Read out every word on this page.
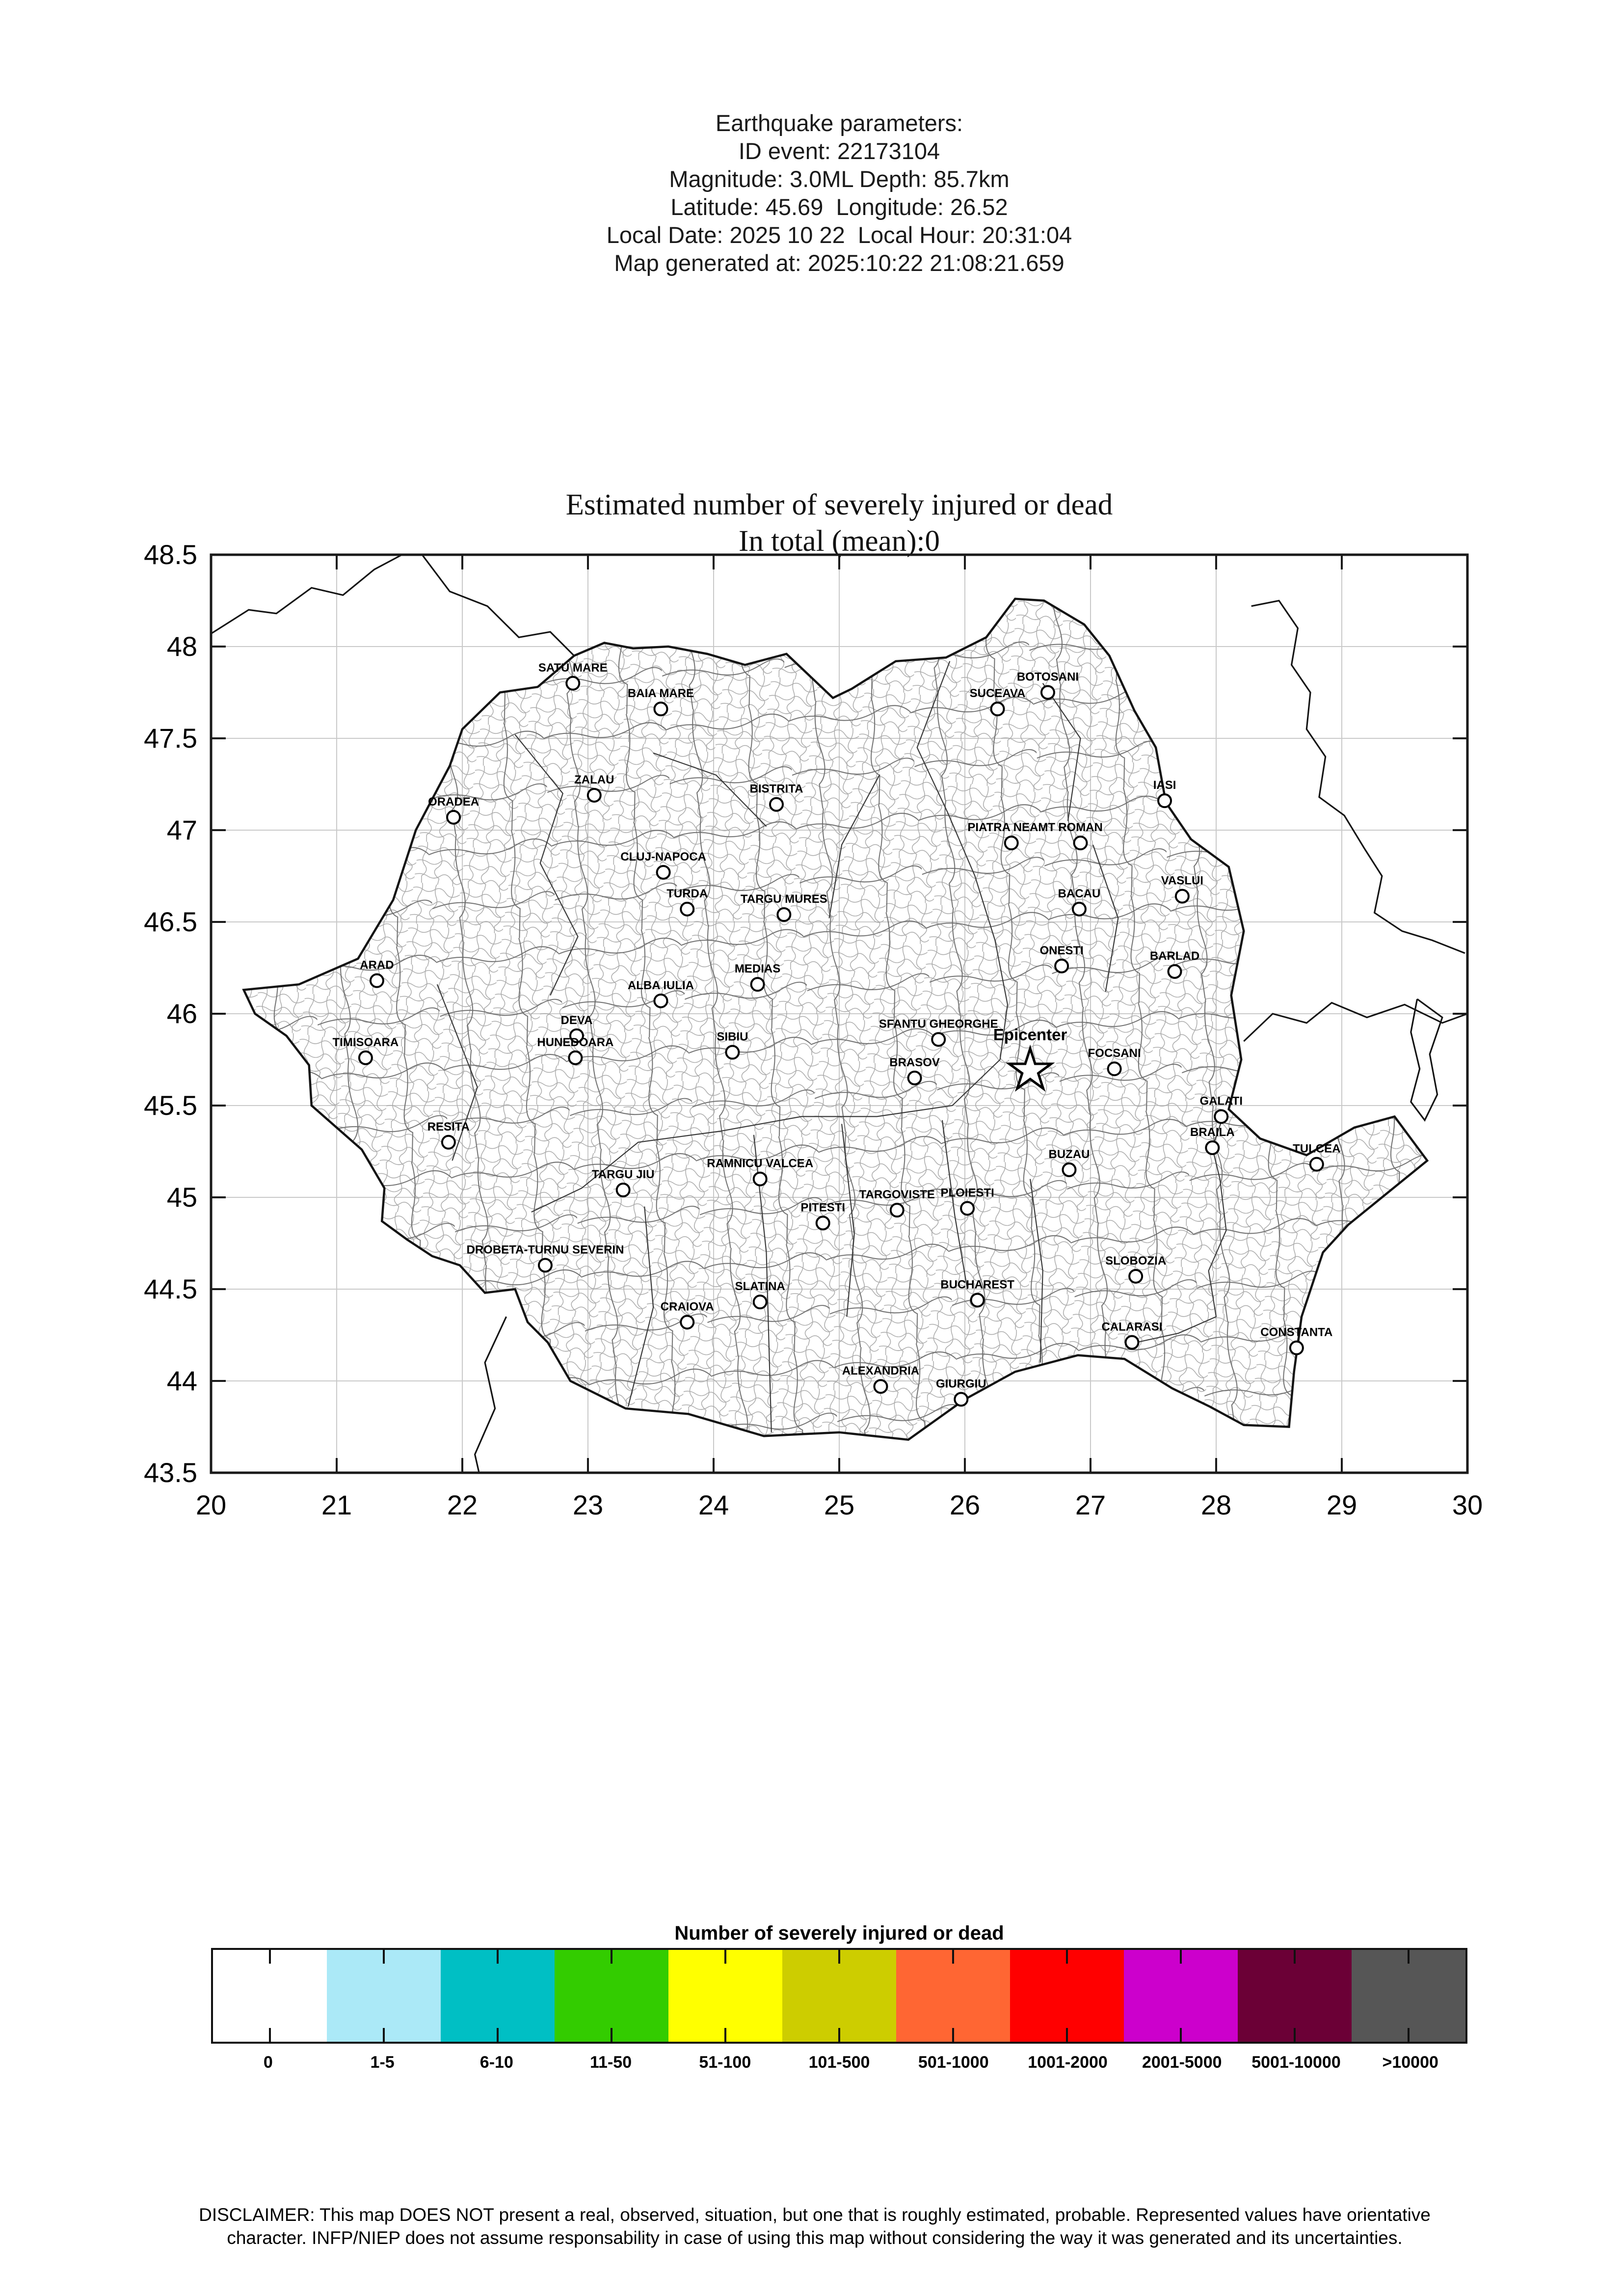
Earthquake parameters:
ID event: 22173104
Magnitude: 3.0ML Depth: 85.7km
Latitude: 45.69  Longitude: 26.52
Local Date: 2025 10 22  Local Hour: 20:31:04
Map generated at: 2025:10:22 21:08:21.659
Estimated number of severely injured or dead
In total (mean):0
43.5
44
44.5
45
45.5
46
46.5
47
47.5
48
48.5
20	21	22	23	24	25	26	27	28	29	30
SATU MARE
BAIA MARE
BOTOSANI
SUCEAVA
ZALAU
BISTRITA	IASI
ORADEA
PIATRA NEAMT ROMAN
CLUJ-NAPOCA
VASLUI
TURDA	TARGU MURES	BACAU
ONESTI	BARLAD
ARAD	MEDIAS
ALBA IULIA
DEVA
HUNEDOARA	SIBIU
SFANTU GHEORGHE
TIMISOARA
FOCSANI
BRASOV
GALATI
RESITA	BRAILA
BUZAU	TULCEA
TARGU JIU
RAMNICU VALCEA
TARGOVISTE PLOIESTI
PITESTI
DROBETA-TURNU SEVERIN
SLOBOZIA
SLATINA	BUCHAREST
CRAIOVA
CALARASI	CONSTANTA
ALEXANDRIA
GIURGIU
Epicenter
Number of severely injured or dead
0	1-5	6-10	11-50	51-100	101-500	501-1000	1001-2000	2001-5000	5001-10000	>10000
DISCLAIMER: This map DOES NOT present a real, observed, situation, but one that is roughly estimated, probable. Represented values have orientative character. INFP/NIEP does not assume responsability in case of using this map without considering the way it was generated and its uncertainties.
